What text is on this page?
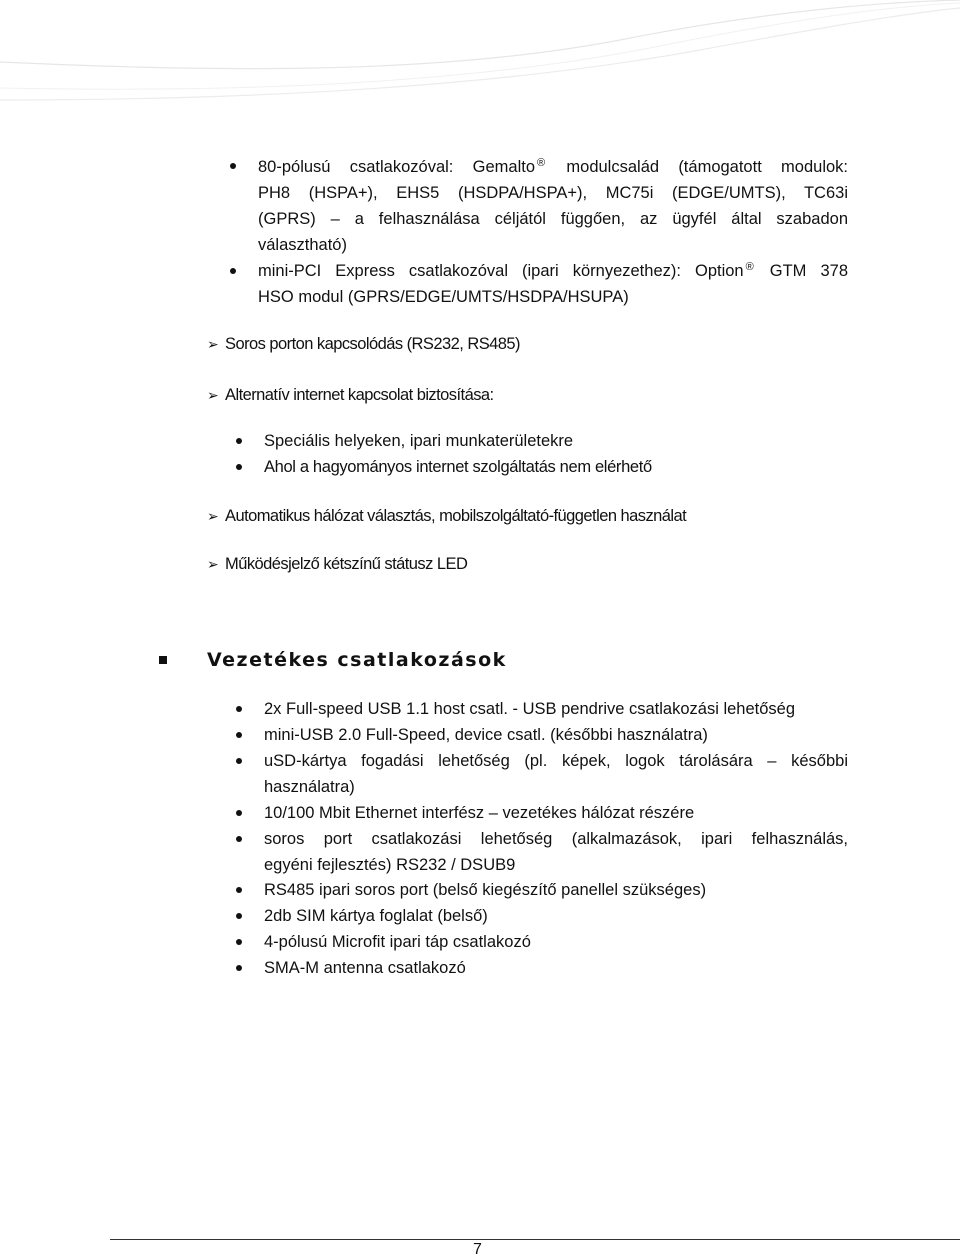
80-pólusú csatlakozóval: Gemalto ® modulcsalád (támogatott modulok:
PH8 (HSPA+), EHS5 (HSDPA/HSPA+), MC75i (EDGE/UMTS), TC63i
(GPRS) – a felhasználása céljától függően, az ügyfél által szabadon
választható)
mini-PCI Express csatlakozóval (ipari környezethez): Option ® GTM 378
HSO modul (GPRS/EDGE/UMTS/HSDPA/HSUPA)
➢ Soros porton kapcsolódás (RS232, RS485)
➢ Alternatív internet kapcsolat biztosítása:
Speciális helyeken, ipari munkaterületekre
Ahol a hagyományos internet szolgáltatás nem elérhető
➢ Automatikus hálózat választás, mobilszolgáltató-független használat
➢ Működésjelző kétszínű státusz LED
Vezetékes csatlakozások
2x Full-speed USB 1.1 host csatl. - USB pendrive csatlakozási lehetőség
mini-USB 2.0 Full-Speed, device csatl. (későbbi használatra)
uSD-kártya fogadási lehetőség (pl. képek, logok tárolására – későbbi
használatra)
10/100 Mbit Ethernet interfész – vezetékes hálózat részére
soros port csatlakozási lehetőség (alkalmazások, ipari felhasználás,
egyéni fejlesztés) RS232 / DSUB9
RS485 ipari soros port (belső kiegészítő panellel szükséges)
2db SIM kártya foglalat (belső)
4-pólusú Microfit ipari táp csatlakozó
SMA-M antenna csatlakozó
7
